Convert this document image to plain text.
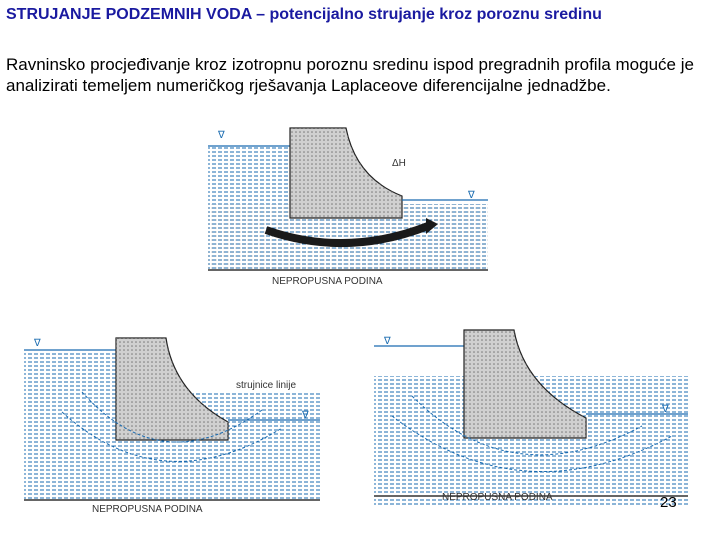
STRUJANJE PODZEMNIH VODA – potencijalno strujanje kroz poroznu sredinu
Ravninsko procjeđivanje kroz izotropnu poroznu sredinu ispod pregradnih profila moguće je analizirati temeljem numeričkog rješavanja Laplaceove diferencijalne jednadžbe.
∇
∇
ΔH
NEPROPUSNA PODINA
∇
∇
strujnice linije
NEPROPUSNA PODINA
∇
∇
NEPROPUSNA PODINA	23
